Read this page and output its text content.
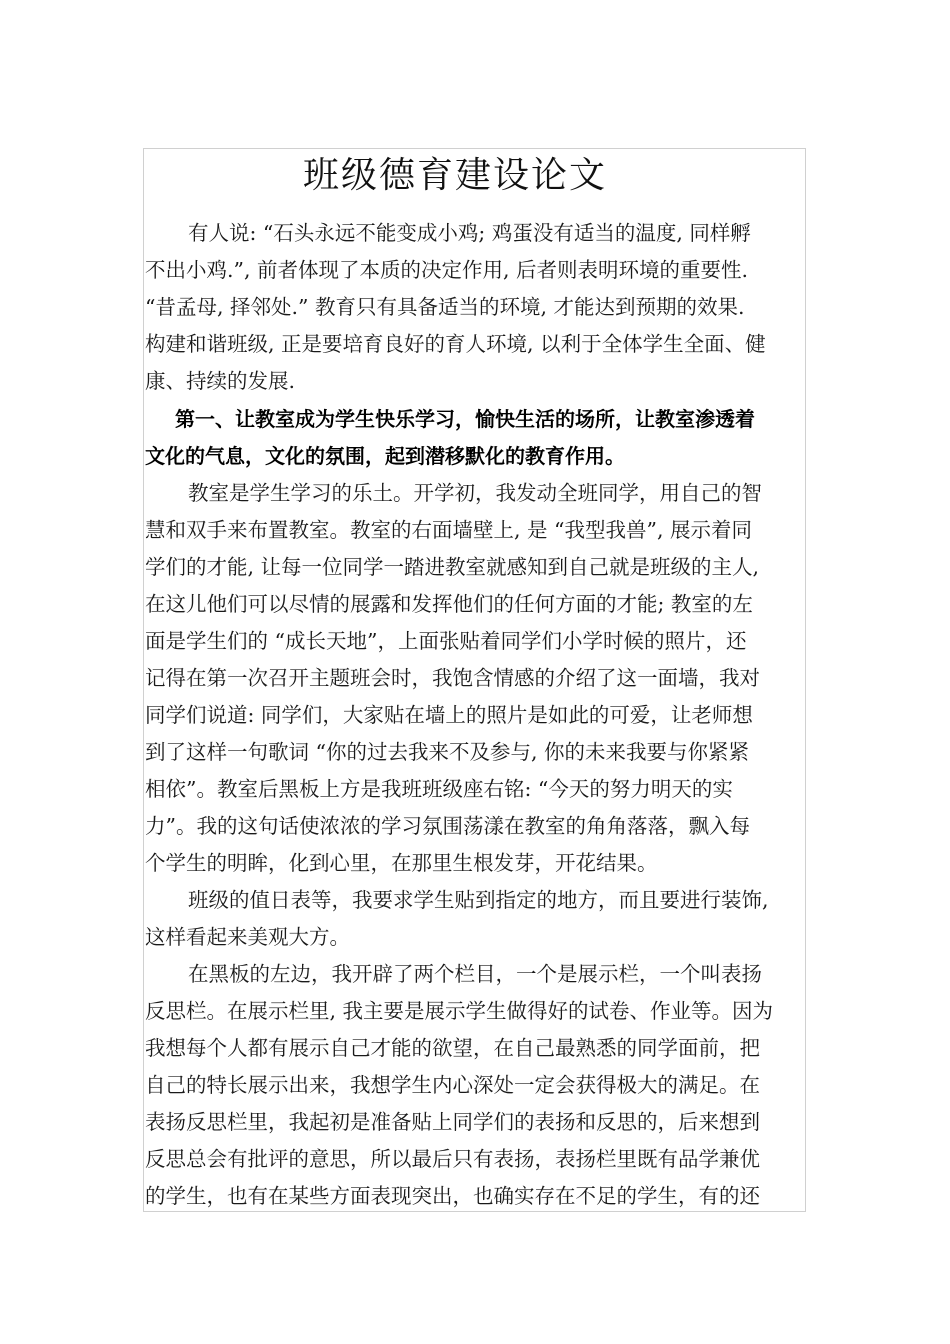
班级德育建设论文
有人说: “石头永远不能变成小鸡; 鸡蛋没有适当的温度, 同样孵
不出小鸡.”, 前者体现了本质的决定作用, 后者则表明环境的重要性.
“昔孟母, 择邻处.” 教育只有具备适当的环境, 才能达到预期的效果.
构建和谐班级, 正是要培育良好的育人环境, 以利于全体学生全面、健
康、持续的发展.
第一、让教室成为学生快乐学习，愉快生活的场所，让教室渗透着
文化的气息，文化的氛围，起到潜移默化的教育作用。
教室是学生学习的乐土。开学初，我发动全班同学，用自己的智
慧和双手来布置教室。教室的右面墙壁上, 是 “我型我兽”, 展示着同
学们的才能, 让每一位同学一踏进教室就感知到自己就是班级的主人,
在这儿他们可以尽情的展露和发挥他们的任何方面的才能; 教室的左
面是学生们的 “成长天地”，上面张贴着同学们小学时候的照片，还
记得在第一次召开主题班会时，我饱含情感的介绍了这一面墙，我对
同学们说道: 同学们，大家贴在墙上的照片是如此的可爱，让老师想
到了这样一句歌词 “你的过去我来不及参与, 你的未来我要与你紧紧
相依”。教室后黑板上方是我班班级座右铭: “今天的努力明天的实
力”。我的这句话使浓浓的学习氛围荡漾在教室的角角落落，飘入每
个学生的明眸，化到心里，在那里生根发芽，开花结果。
班级的值日表等，我要求学生贴到指定的地方，而且要进行装饰,
这样看起来美观大方。
在黑板的左边，我开辟了两个栏目，一个是展示栏，一个叫表扬
反思栏。在展示栏里, 我主要是展示学生做得好的试卷、作业等。因为
我想每个人都有展示自己才能的欲望，在自己最熟悉的同学面前，把
自己的特长展示出来，我想学生内心深处一定会获得极大的满足。在
表扬反思栏里，我起初是准备贴上同学们的表扬和反思的，后来想到
反思总会有批评的意思，所以最后只有表扬，表扬栏里既有品学兼优
的学生，也有在某些方面表现突出，也确实存在不足的学生，有的还
